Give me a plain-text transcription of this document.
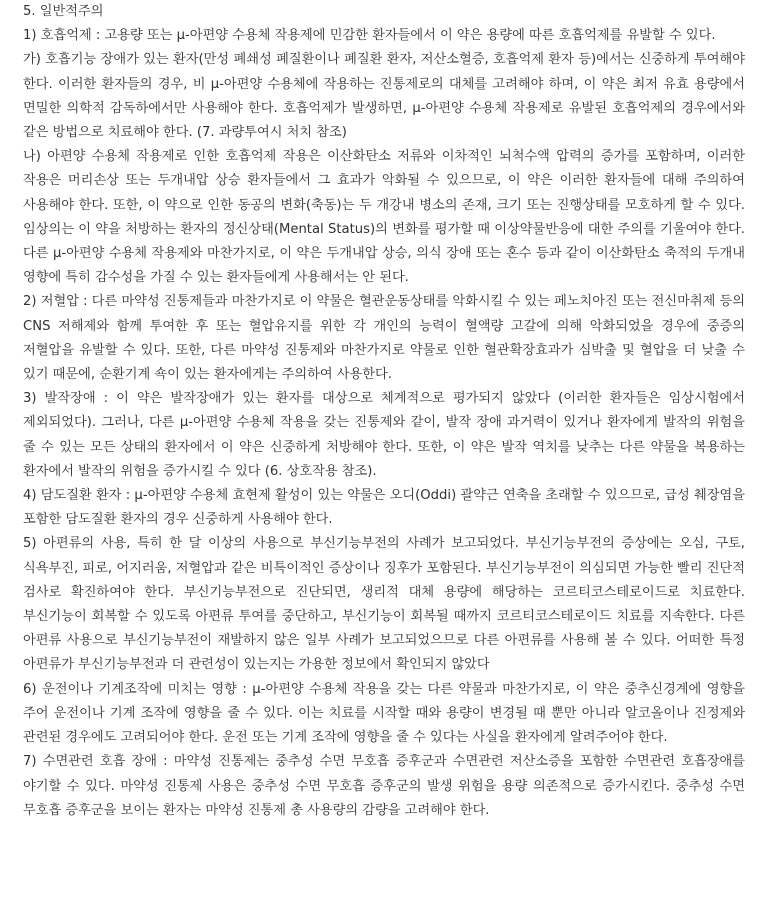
5. 일반적주의

1) 호흡억제 : 고용량 또는 μ-아편양 수용체 작용제에 민감한 환자들에서 이 약은 용량에 따른 호흡억제를 유발할 수 있다.

가) 호흡기능 장애가 있는 환자(만성 폐쇄성 폐질환이나 폐질환 환자, 저산소혈증, 호흡억제 환자 등)에서는 신중하게 투여해야 한다. 이러한 환자들의 경우, 비 μ-아편양 수용체에 작용하는 진통제로의 대체를 고려해야 하며, 이 약은 최저 유효 용량에서 면밀한 의학적 감독하에서만 사용해야 한다. 호흡억제가 발생하면, μ-아편양 수용체 작용제로 유발된 호흡억제의 경우에서와 같은 방법으로 치료해야 한다. (7. 과량투여시 처치 참조)

나) 아편양 수용체 작용제로 인한 호흡억제 작용은 이산화탄소 저류와 이차적인 뇌척수액 압력의 증가를 포함하며, 이러한 작용은 머리손상 또는 두개내압 상승 환자들에서 그 효과가 악화될 수 있으므로, 이 약은 이러한 환자들에 대해 주의하여 사용해야 한다. 또한, 이 약으로 인한 동공의 변화(축동)는 두 개강내 병소의 존재, 크기 또는 진행상태를 모호하게 할 수 있다. 임상의는 이 약을 처방하는 환자의 정신상태(Mental Status)의 변화를 평가할 때 이상약물반응에 대한 주의를 기울여야 한다. 다른 μ-아편양 수용체 작용제와 마찬가지로, 이 약은 두개내압 상승, 의식 장애 또는 혼수 등과 같이 이산화탄소 축적의 두개내 영향에 특히 감수성을 가질 수 있는 환자들에게 사용해서는 안 된다.

2) 저혈압 : 다른 마약성 진통제들과 마찬가지로 이 약물은 혈관운동상태를 악화시킬 수 있는 페노치아진 또는 전신마취제 등의 CNS 저해제와 함께 투여한 후 또는 혈압유지를 위한 각 개인의 능력이 혈액량 고갈에 의해 악화되었을 경우에 중증의 저혈압을 유발할 수 있다. 또한, 다른 마약성 진통제와 마찬가지로 약물로 인한 혈관확장효과가 심박출 및 혈압을 더 낮출 수 있기 때문에, 순환기계 쇽이 있는 환자에게는 주의하여 사용한다.

3) 발작장애 : 이 약은 발작장애가 있는 환자를 대상으로 체계적으로 평가되지 않았다 (이러한 환자들은 임상시험에서 제외되었다). 그러나, 다른 μ-아편양 수용체 작용을 갖는 진통제와 같이, 발작 장애 과거력이 있거나 환자에게 발작의 위험을 줄 수 있는 모든 상태의 환자에서 이 약은 신중하게 처방해야 한다. 또한, 이 약은 발작 역치를 낮추는 다른 약물을 복용하는 환자에서 발작의 위험을 증가시킬 수 있다 (6. 상호작용 참조).

4) 담도질환 환자 : μ-아편양 수용체 효현제 활성이 있는 약물은 오디(Oddi) 괄약근 연축을 초래할 수 있으므로, 급성 췌장염을 포함한 담도질환 환자의 경우 신중하게 사용해야 한다.

5) 아편류의 사용, 특히 한 달 이상의 사용으로 부신기능부전의 사례가 보고되었다. 부신기능부전의 증상에는 오심, 구토, 식욕부진, 피로, 어지러움, 저혈압과 같은 비특이적인 증상이나 징후가 포함된다. 부신기능부전이 의심되면 가능한 빨리 진단적 검사로 확진하여야 한다. 부신기능부전으로 진단되면, 생리적 대체 용량에 해당하는 코르티코스테로이드로 치료한다. 부신기능이 회복할 수 있도록 아편류 투여를 중단하고, 부신기능이 회복될 때까지 코르티코스테로이드 치료를 지속한다. 다른 아편류 사용으로 부신기능부전이 재발하지 않은 일부 사례가 보고되었으므로 다른 아편류를 사용해 볼 수 있다. 어떠한 특정 아편류가 부신기능부전과 더 관련성이 있는지는 가용한 정보에서 확인되지 않았다

6) 운전이나 기계조작에 미치는 영향 : μ-아편양 수용체 작용을 갖는 다른 약물과 마찬가지로, 이 약은 중추신경계에 영향을 주어 운전이나 기계 조작에 영향을 줄 수 있다. 이는 치료를 시작할 때와 용량이 변경될 때 뿐만 아니라 알코올이나 진정제와 관련된 경우에도 고려되어야 한다. 운전 또는 기계 조작에 영향을 줄 수 있다는 사실을 환자에게 알려주어야 한다.

7) 수면관련 호흡 장애 : 마약성 진통제는 중추성 수면 무호흡 증후군과 수면관련 저산소증을 포함한 수면관련 호흡장애를 야기할 수 있다. 마약성 진통제 사용은 중추성 수면 무호흡 증후군의 발생 위험을 용량 의존적으로 증가시킨다. 중추성 수면 무호흡 증후군을 보이는 환자는 마약성 진통제 총 사용량의 감량을 고려해야 한다.
